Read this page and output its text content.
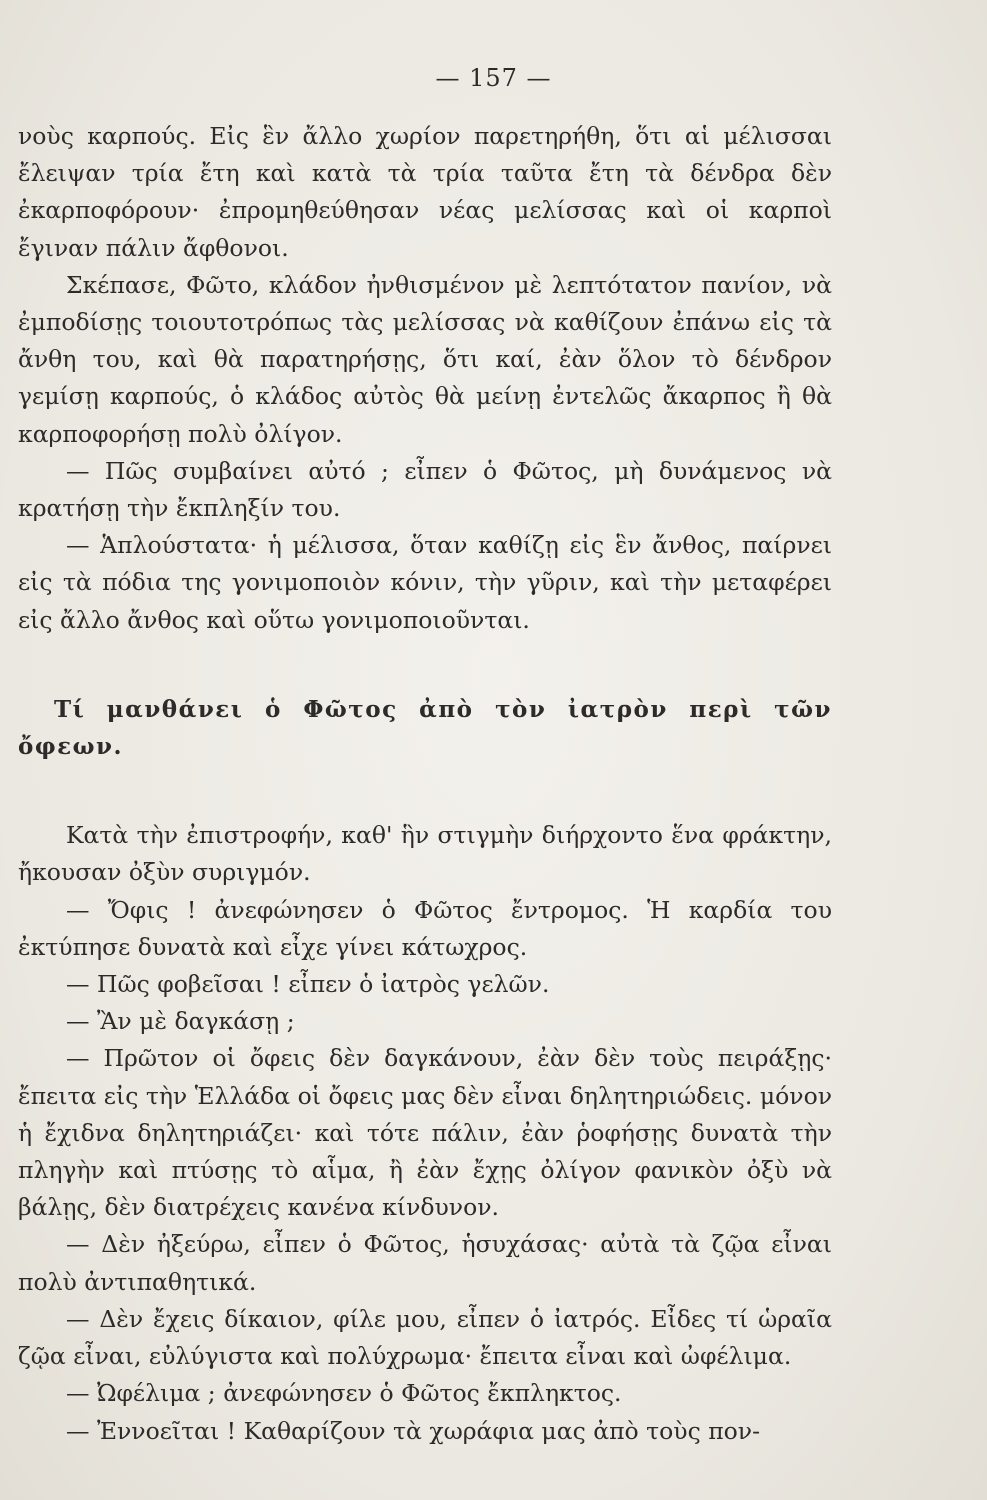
— 157 —

νοὺς καρπούς. Εἰς ἓν ἄλλο χωρίον παρετηρήθη, ὅτι αἱ μέλισσαι ἔλειψαν τρία ἔτη καὶ κατὰ τὰ τρία ταῦτα ἔτη τὰ δένδρα δὲν ἐκαρποφόρουν· ἐπρομηθεύθησαν νέας μελίσσας καὶ οἱ καρποὶ ἔγιναν πάλιν ἄφθονοι.

Σκέπασε, Φῶτο, κλάδον ἠνθισμένον μὲ λεπτότατον πανίον, νὰ ἐμποδίσῃς τοιουτοτρόπως τὰς μελίσσας νὰ καθίζουν ἐπάνω εἰς τὰ ἄνθη του, καὶ θὰ παρατηρήσῃς, ὅτι καί, ἐὰν ὅλον τὸ δένδρον γεμίσῃ καρπούς, ὁ κλάδος αὐτὸς θὰ μείνῃ ἐντελῶς ἄκαρπος ἢ θὰ καρποφορήσῃ πολὺ ὀλίγον.

— Πῶς συμβαίνει αὐτό ; εἶπεν ὁ Φῶτος, μὴ δυνάμενος νὰ κρατήσῃ τὴν ἔκπληξίν του.

— Ἁπλούστατα· ἡ μέλισσα, ὅταν καθίζῃ εἰς ἓν ἄνθος, παίρνει εἰς τὰ πόδια της γονιμοποιὸν κόνιν, τὴν γῦριν, καὶ τὴν μεταφέρει εἰς ἄλλο ἄνθος καὶ οὕτω γονιμοποιοῦνται.

Τί μανθάνει ὁ Φῶτος ἀπὸ τὸν ἰατρὸν περὶ τῶν ὄφεων.

Κατὰ τὴν ἐπιστροφήν, καθ' ἣν στιγμὴν διήρχοντο ἕνα φράκτην, ἤκουσαν ὀξὺν συριγμόν.

— Ὄφις ! ἀνεφώνησεν ὁ Φῶτος ἔντρομος. Ἡ καρδία του ἐκτύπησε δυνατὰ καὶ εἶχε γίνει κάτωχρος.

— Πῶς φοβεῖσαι ! εἶπεν ὁ ἰατρὸς γελῶν.

— Ἂν μὲ δαγκάσῃ ;

— Πρῶτον οἱ ὄφεις δὲν δαγκάνουν, ἐὰν δὲν τοὺς πειράξῃς· ἔπειτα εἰς τὴν Ἑλλάδα οἱ ὄφεις μας δὲν εἶναι δηλητηριώδεις. μόνον ἡ ἔχιδνα δηλητηριάζει· καὶ τότε πάλιν, ἐὰν ῥοφήσῃς δυνατὰ τὴν πληγὴν καὶ πτύσῃς τὸ αἷμα, ἢ ἐὰν ἔχῃς ὀλίγον φανικὸν ὀξὺ νὰ βάλῃς, δὲν διατρέχεις κανένα κίνδυνον.

— Δὲν ἠξεύρω, εἶπεν ὁ Φῶτος, ἡσυχάσας· αὐτὰ τὰ ζῷα εἶναι πολὺ ἀντιπαθητικά.

— Δὲν ἔχεις δίκαιον, φίλε μου, εἶπεν ὁ ἰατρός. Εἶδες τί ὡραῖα ζῷα εἶναι, εὐλύγιστα καὶ πολύχρωμα· ἔπειτα εἶναι καὶ ὠφέλιμα.

— Ὠφέλιμα ; ἀνεφώνησεν ὁ Φῶτος ἔκπληκτος.

— Ἐννοεῖται ! Καθαρίζουν τὰ χωράφια μας ἀπὸ τοὺς πον-
